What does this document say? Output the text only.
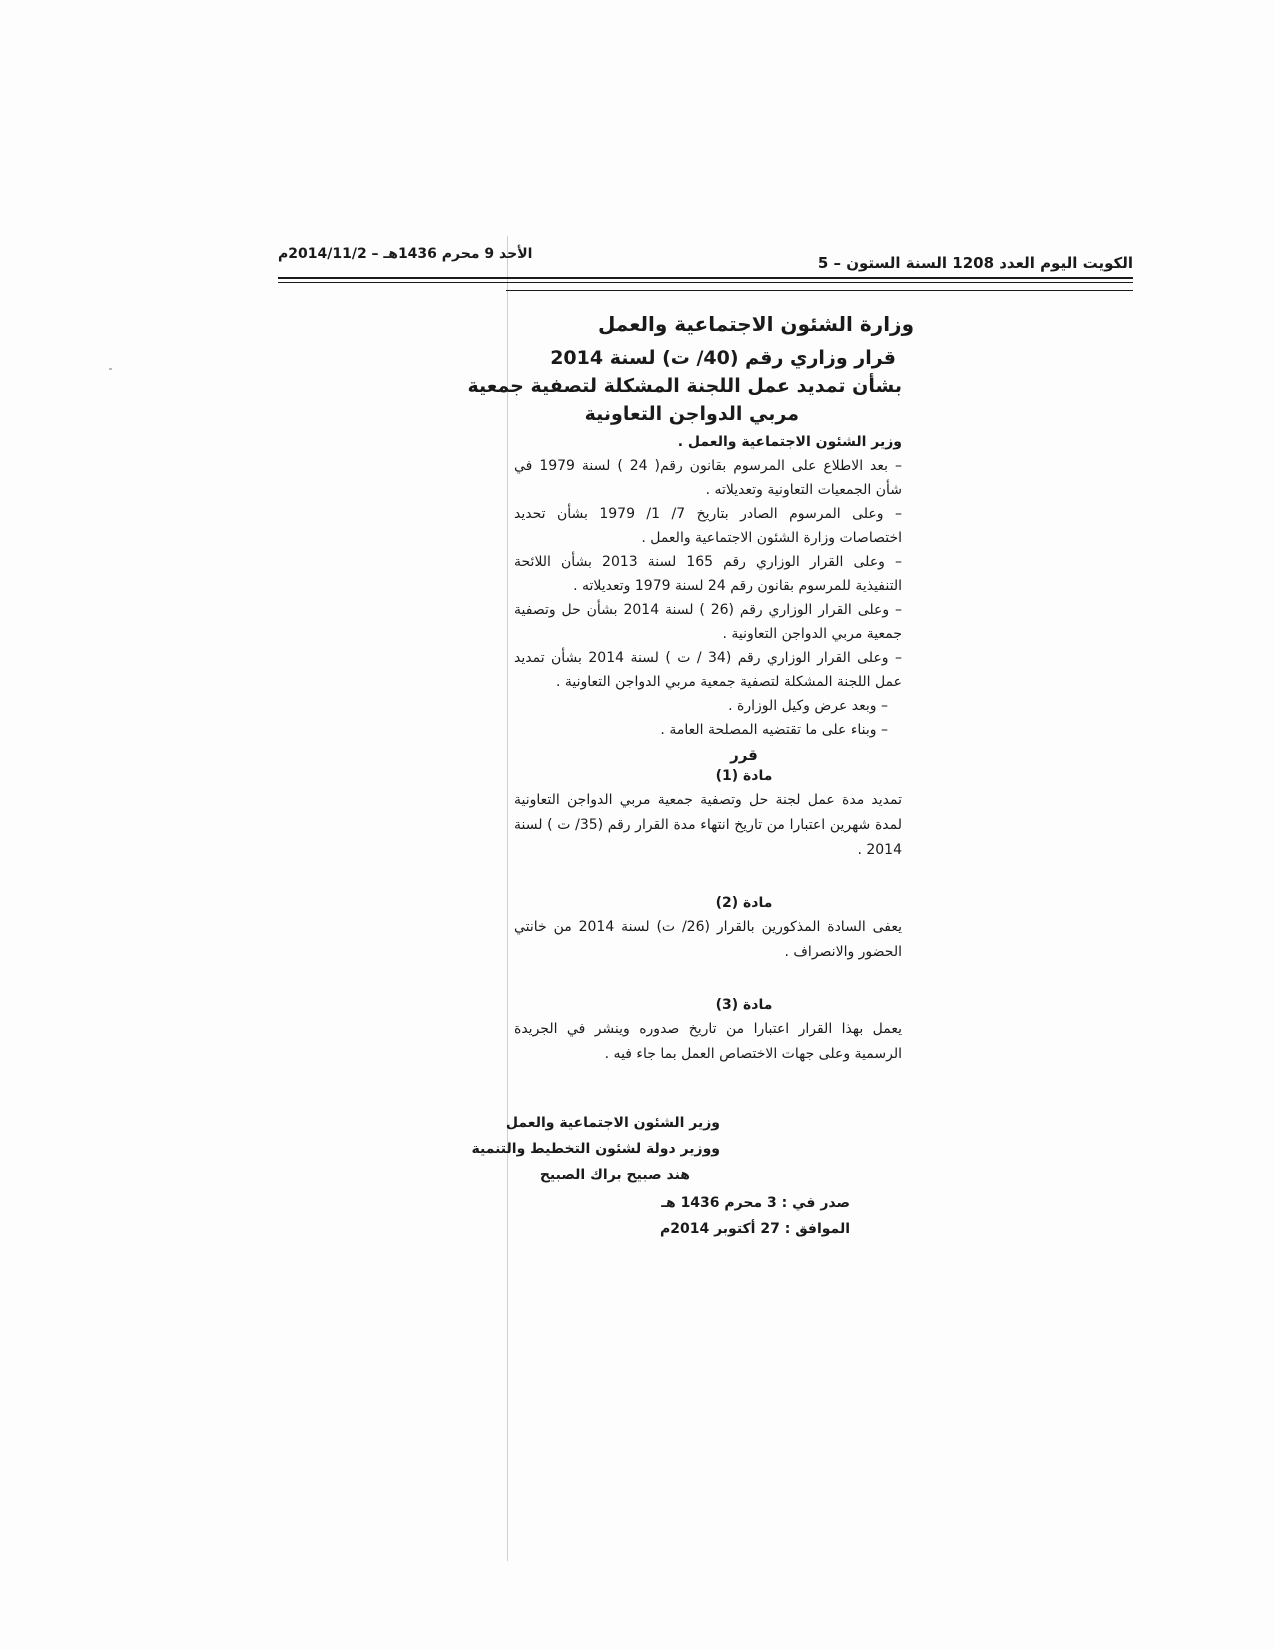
الكويت اليوم العدد 1208 السنة الستون – 5
الأحد 9 محرم 1436هـ – 2014/11/2م
وزارة الشئون الاجتماعية والعمل
قرار وزاري رقم (40/ ت) لسنة 2014
بشأن تمديد عمل اللجنة المشكلة لتصفية جمعية
مربي الدواجن التعاونية
وزير الشئون الاجتماعية والعمل .
– بعد الاطلاع على المرسوم بقانون رقم( 24 ) لسنة 1979 في شأن الجمعيات التعاونية وتعديلاته .
– وعلى المرسوم الصادر بتاريخ 7/ 1/ 1979 بشأن تحديد اختصاصات وزارة الشئون الاجتماعية والعمل .
– وعلى القرار الوزاري رقم 165 لسنة 2013 بشأن اللائحة التنفيذية للمرسوم بقانون رقم 24 لسنة 1979 وتعديلاته .
– وعلى القرار الوزاري رقم (26 ) لسنة 2014 بشأن حل وتصفية جمعية مربي الدواجن التعاونية .
– وعلى القرار الوزاري رقم (34 / ت ) لسنة 2014 بشأن تمديد عمل اللجنة المشكلة لتصفية جمعية مربي الدواجن التعاونية .
– وبعد عرض وكيل الوزارة .
– وبناء على ما تقتضيه المصلحة العامة .
قرر
مادة (1)
تمديد مدة عمل لجنة حل وتصفية جمعية مربي الدواجن التعاونية لمدة شهرين اعتبارا من تاريخ انتهاء مدة القرار رقم (35/ ت ) لسنة 2014 .
مادة (2)
يعفى السادة المذكورين بالقرار (26/ ت) لسنة 2014 من خانتي الحضور والانصراف .
مادة (3)
يعمل بهذا القرار اعتبارا من تاريخ صدوره وينشر في الجريدة الرسمية وعلى جهات الاختصاص العمل بما جاء فيه .
وزير الشئون الاجتماعية والعمل
ووزير دولة لشئون التخطيط والتنمية
هند صبيح براك الصبيح
صدر في : 3 محرم 1436 هـ
الموافق : 27 أكتوبر 2014م
